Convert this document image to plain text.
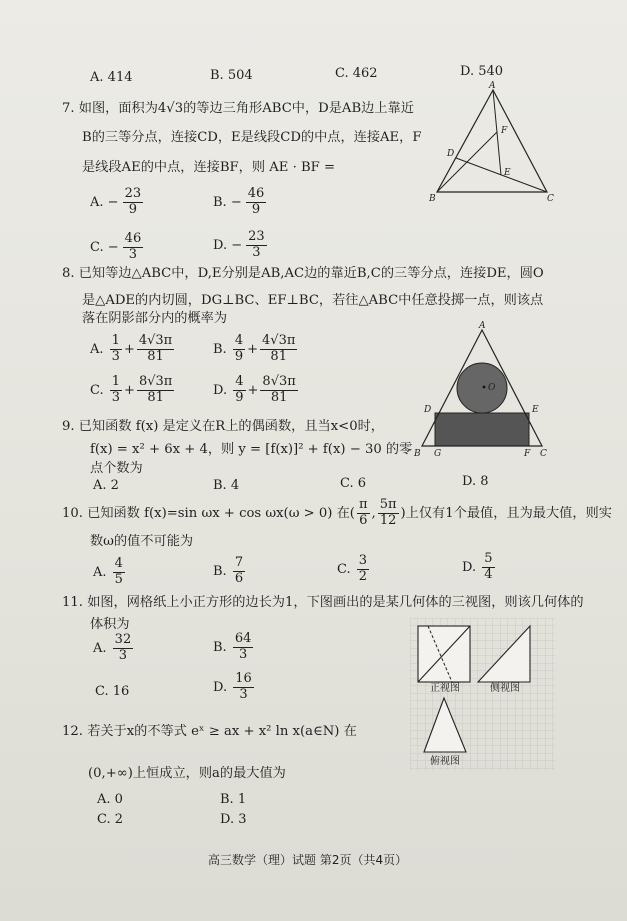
A. 414	B. 504	C. 462	D. 540
7. 如图，面积为4√3的等边三角形ABC中，D是AB边上靠近
B的三等分点，连接CD，E是线段CD的中点，连接AE，F
是线段AE的中点，连接BF，则 AE · BF =
A.
− $\frac{23}{9}$	B.
− $\frac{46}{9}$
C.
− $\frac{46}{3}$	D.
− $\frac{23}{3}$
A
B	C
D
E
F
8. 已知等边△ABC中，D,E分别是AB,AC边的靠近B,C的三等分点，连接DE，圆O
是△ADE的内切圆，DG⊥BC、EF⊥BC，若往△ABC中任意投掷一点，则该点
落在阴影部分内的概率为
A.
$\frac{1}{3} + \frac{4√3\pi}{81}$	B.
$\frac{4}{9} + \frac{4√3\pi}{81}$
C.
$\frac{1}{3} + \frac{8√3\pi}{81}$	D.
$\frac{4}{9} + \frac{8√3\pi}{81}$
A
B	C
D	E
F
G
O
9. 已知函数 f(x) 是定义在R上的偶函数，且当x<0时，
f(x) = x² + 6x + 4，则 y = [f(x)]² + f(x) − 30 的零
点个数为
A. 2	B. 4	C. 6	D. 8
10.
已知函数 f(x)=sin ωx + cos ωx(ω > 0) 在( $\frac{\pi}{6}$ , $\frac{5\pi}{12}$ )上仅有1个最值，且为最大值，则实
数ω的值不可能为
A.
$\frac{4}{5}$	B.
$\frac{7}{6}$	C.
$\frac{3}{2}$	D.
$\frac{5}{4}$
11. 如图，网格纸上小正方形的边长为1，下图画出的是某几何体的三视图，则该几何体的
体积为
A.
$\frac{32}{3}$	B.
$\frac{64}{3}$
C. 16	D.
$\frac{16}{3}$	正视图	侧视图
俯视图
12. 若关于x的不等式 eˣ ≥ ax + x² ln x(a∈N) 在
(0,+∞)上恒成立，则a的最大值为
A. 0	B. 1
C. 2	D. 3
高三数学（理）试题 第2页（共4页）
